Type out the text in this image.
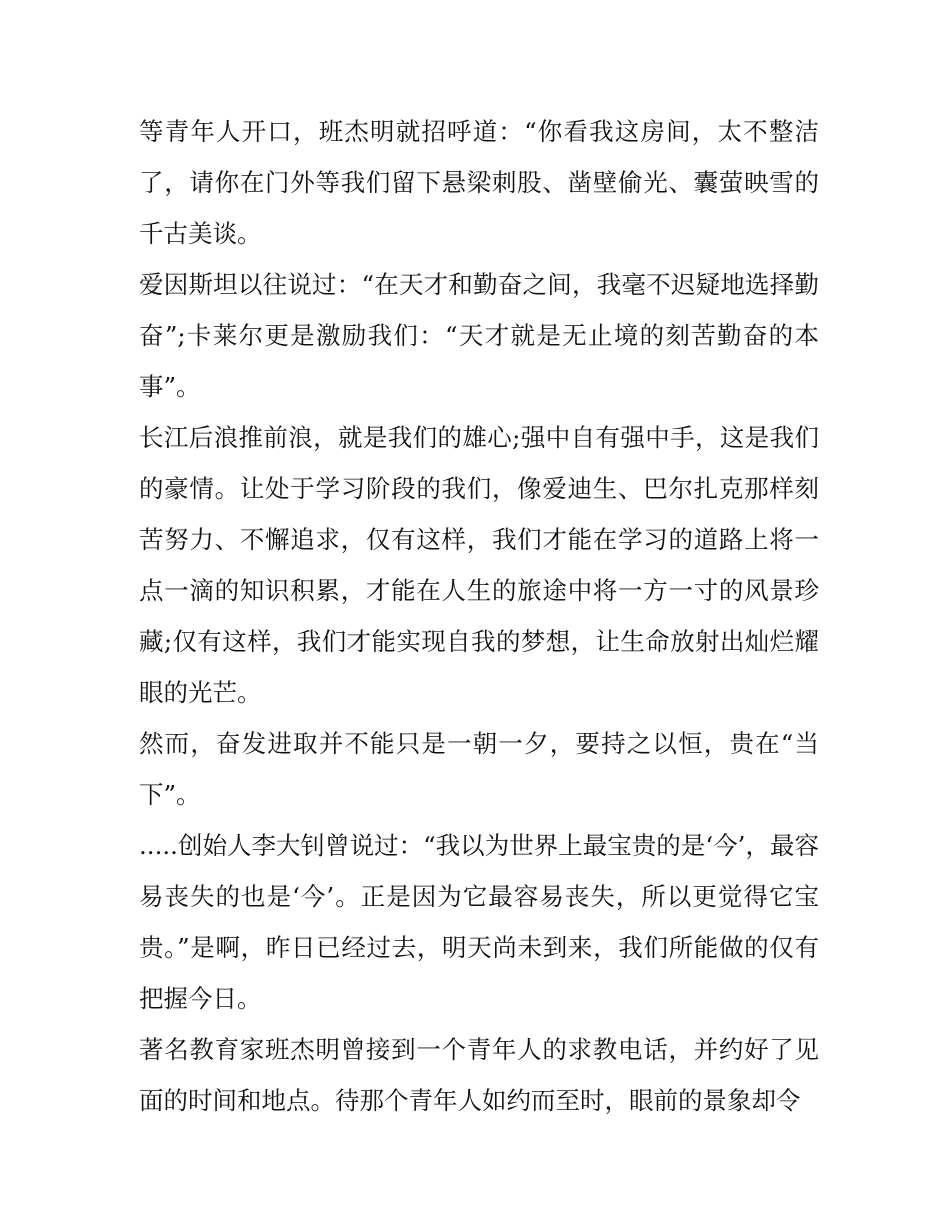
等青年人开口，班杰明就招呼道：“你看我这房间，太不整洁了，请你在门外等我们留下悬梁刺股、凿壁偷光、囊萤映雪的千古美谈。

爱因斯坦以往说过：“在天才和勤奋之间，我毫不迟疑地选择勤奋”;卡莱尔更是激励我们：“天才就是无止境的刻苦勤奋的本事”。

长江后浪推前浪，就是我们的雄心;强中自有强中手，这是我们的豪情。让处于学习阶段的我们，像爱迪生、巴尔扎克那样刻苦努力、不懈追求，仅有这样，我们才能在学习的道路上将一点一滴的知识积累，才能在人生的旅途中将一方一寸的风景珍藏;仅有这样，我们才能实现自我的梦想，让生命放射出灿烂耀眼的光芒。

然而，奋发进取并不能只是一朝一夕，要持之以恒，贵在“当下”。

.....创始人李大钊曾说过：“我以为世界上最宝贵的是‘今’，最容易丧失的也是‘今’。正是因为它最容易丧失，所以更觉得它宝贵。”是啊，昨日已经过去，明天尚未到来，我们所能做的仅有把握今日。

著名教育家班杰明曾接到一个青年人的求教电话，并约好了见面的时间和地点。待那个青年人如约而至时，眼前的景象却令
